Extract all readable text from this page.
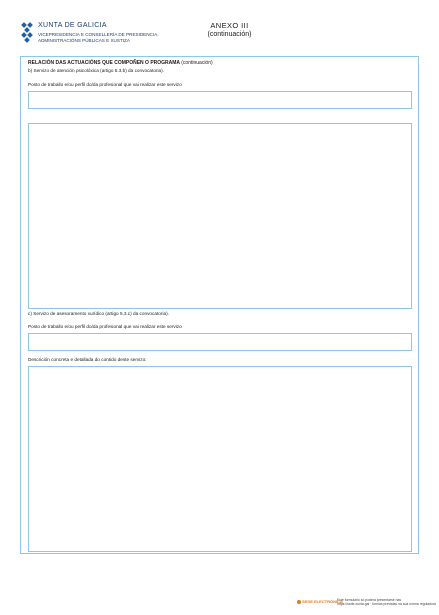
XUNTA DE GALICIA
VICEPRESIDENCIA E CONSELLERÍA DE PRESIDENCIA,
ADMINISTRACIÓNS PÚBLICAS E XUSTIZA
ANEXO III
(continuación)
RELACIÓN DAS ACTUACIÓNS QUE COMPOÑEN O PROGRAMA (continuación)
b) Servizo de atención psicolóxica (artigo 5.3.b) da convocatoria).
Posto de traballo e/ou perfil do/da profesional que vai realizar este servizo
c) Servizo de asesoramento xurídico (artigo 5.3.c) da convocatoria).
Posto de traballo e/ou perfil do/da profesional que vai realizar este servizo
Descrición concreta e detallada do contido deste servizo:
SEDE ELECTRÓNICA
Este formulario só poderá presentarse nas
https://sede.xunta.gal · formas previstas na súa norma reguladora
